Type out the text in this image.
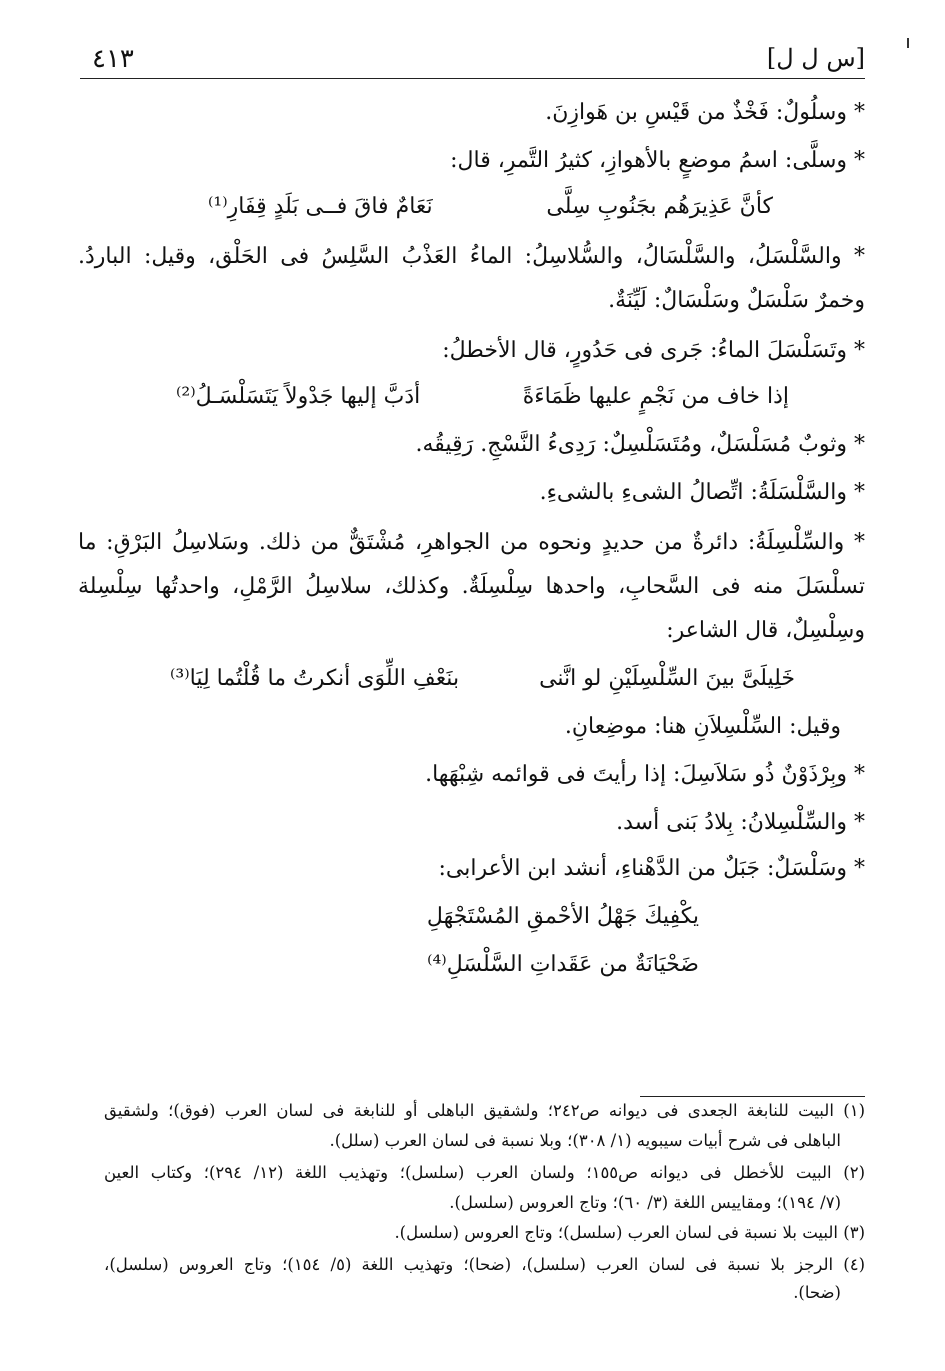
[س ل ل]
٤١٣
* وسلُولٌ: فَخْذٌ من قَيْسِ بن هَوازِنَ.
* وسلَّى: اسمُ موضعٍ بالأهوازِ، كثيرُ التَّمرِ، قال:
كأنَّ عَذِيرَهُم بجَنُوبِ سِلَّى
نَعَامٌ فاقَ فــى بَلَدٍ قِفَارِ⁽¹⁾
* والسَّلْسَلُ، والسَّلْسَالُ، والسُّلاسِلُ: الماءُ العَذْبُ السَّلِسُ فى الحَلْق، وقيل: الباردُ.
وخمرٌ سَلْسَلٌ وسَلْسَالٌ: لَيِّنَةٌ.
* وتَسَلْسَلَ الماءُ: جَرى فى حَدُورٍ، قال الأخطلُ:
إذا خاف من نَجْمٍ عليها ظَمَاءَةً
أدَبَّ إليها جَدْولاً يَتَسَلْسَـلُ⁽²⁾
* وثوبٌ مُسَلْسَلٌ، ومُتَسَلْسِلٌ: رَدِىءُ النَّسْجِ. رَقِيقُه.
* والسَّلْسَلَةُ: اتِّصالُ الشىءِ بالشىءِ.
* والسِّلْسِلَةُ: دائرةٌ من حديدٍ ونحوه من الجواهرِ، مُشْتَقٌّ من ذلك. وسَلاسِلُ البَرْقِ: ما
تسلْسَلَ منه فى السَّحابِ، واحدها سِلْسِلَةٌ. وكذلك، سلاسِلُ الرَّمْلِ، واحدتُها سِلْسِلة
وسِلْسِلٌ، قال الشاعر:
خَلِيلَىَّ بينَ السِّلْسِلَيْنِ لو انَّنى
بنَعْفِ اللِّوَى أنكرتُ ما قُلْتُما لِيَا⁽³⁾
وقيل: السِّلْسِلاَنِ هنا: موضِعانِ.
* وبِرْذَوْنٌ ذُو سَلاَسِلَ: إذا رأيتَ فى قوائمه شِبْهَها.
* والسِّلْسِلانُ: بِلادُ بَنى أسد.
* وسَلْسَلٌ: جَبَلٌ من الدَّهْناءِ، أنشد ابن الأعرابى:
يكْفِيكَ جَهْلُ الأحْمقِ المُسْتَجْهَلِ
ضَحْيَانَةٌ من عَقَداتِ السَّلْسَلِ⁽⁴⁾
(١) البيت للنابغة الجعدى فى ديوانه ص٢٤٢؛ ولشقيق الباهلى أو للنابغة فى لسان العرب (فوق)؛ ولشقيق
الباهلى فى شرح أبيات سيبويه (١/ ٣٠٨)؛ وبلا نسبة فى لسان العرب (سلل).
(٢) البيت للأخطل فى ديوانه ص١٥٥؛ ولسان العرب (سلسل)؛ وتهذيب اللغة (١٢/ ٢٩٤)؛ وكتاب العين
(٧/ ١٩٤)؛ ومقاييس اللغة (٣/ ٦٠)؛ وتاج العروس (سلسل).
(٣) البيت بلا نسبة فى لسان العرب (سلسل)؛ وتاج العروس (سلسل).
(٤) الرجز بلا نسبة فى لسان العرب (سلسل)، (ضحا)؛ وتهذيب اللغة (٥/ ١٥٤)؛ وتاج العروس (سلسل)،
(ضحا).
